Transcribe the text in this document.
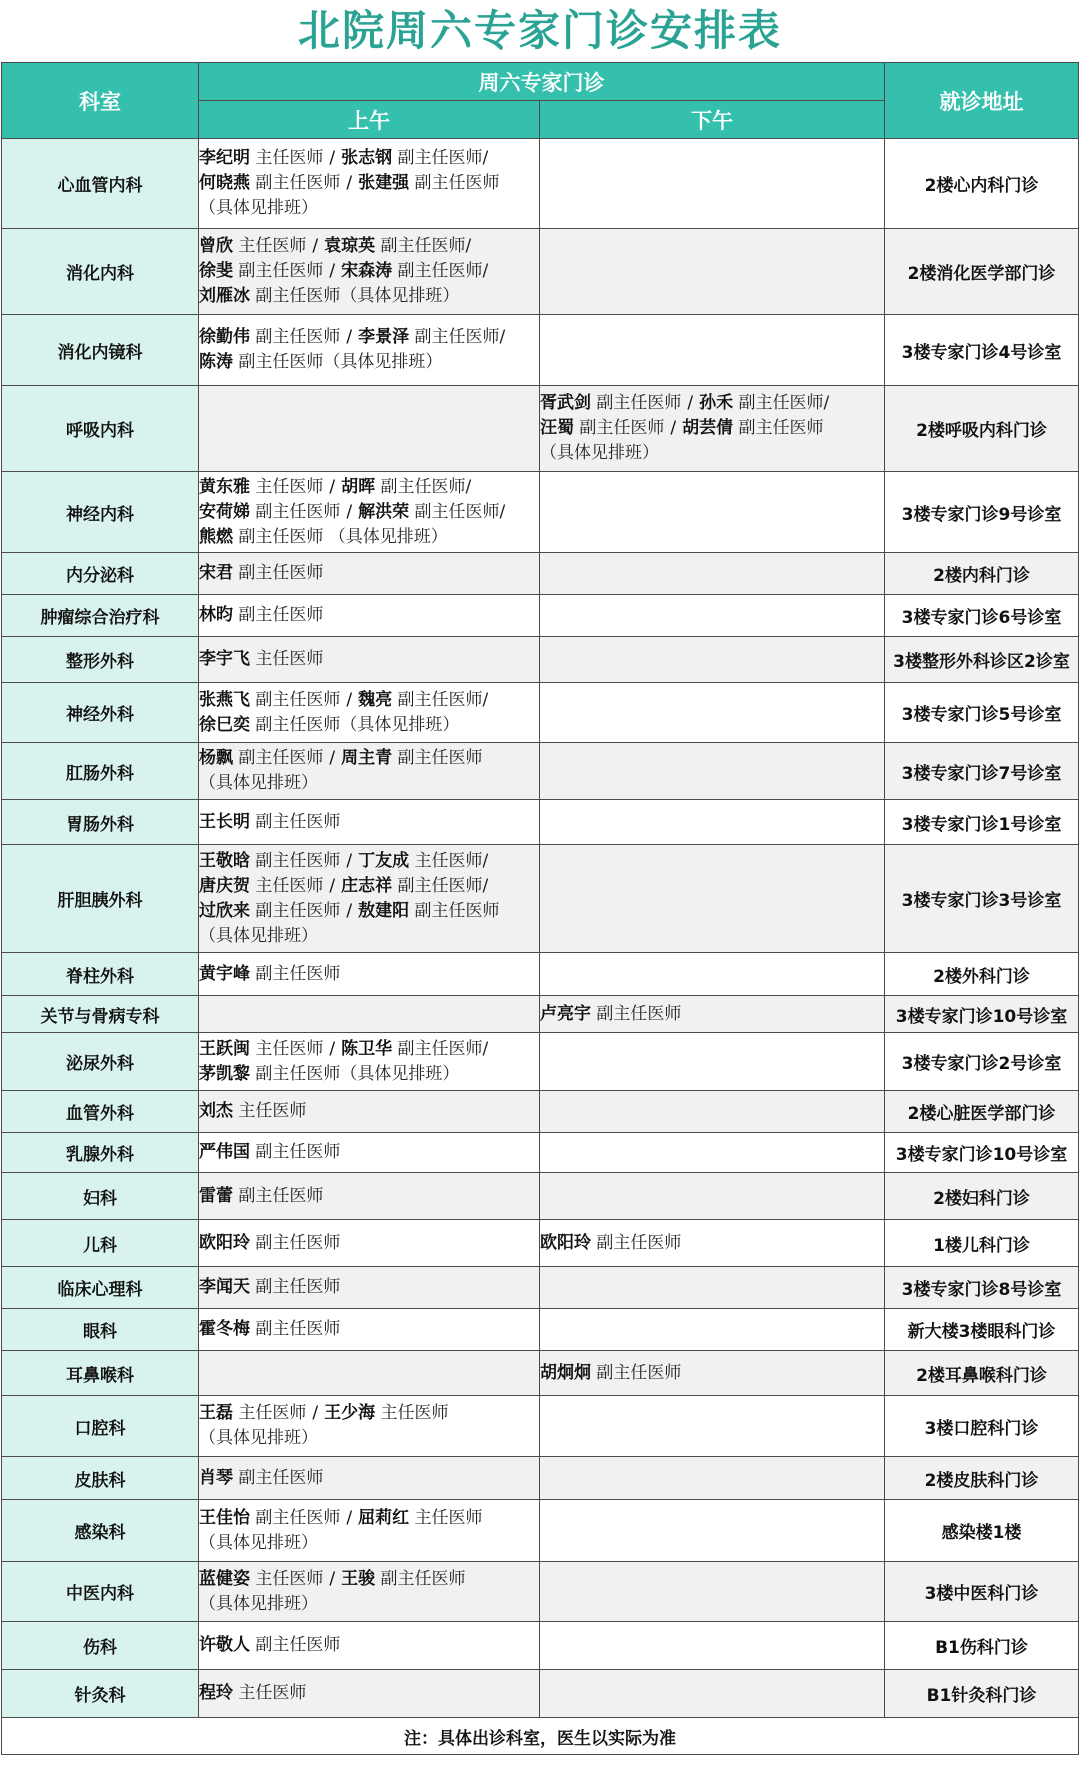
北院周六专家门诊安排表
科室	周六专家门诊		就诊地址
	上午	下午	
心血管内科	李纪明 主任医师 / 张志钢 副主任医师/
何晓燕 副主任医师 / 张建强 副主任医师
（具体见排班）		2楼心内科门诊
消化内科	曾欣 主任医师 / 袁琼英 副主任医师/
徐斐 副主任医师 / 宋森涛 副主任医师/
刘雁冰 副主任医师（具体见排班）		2楼消化医学部门诊
消化内镜科	徐勤伟 副主任医师 / 李景泽 副主任医师/
陈涛 副主任医师（具体见排班）		3楼专家门诊4号诊室
呼吸内科		胥武剑 副主任医师 / 孙禾 副主任医师/
汪蜀 副主任医师 / 胡芸倩 副主任医师
（具体见排班）	2楼呼吸内科门诊
神经内科	黄东雅 主任医师 / 胡晖 副主任医师/
安荷娣 副主任医师 / 解洪荣 副主任医师/
熊燃 副主任医师 （具体见排班）		3楼专家门诊9号诊室
内分泌科	宋君 副主任医师		2楼内科门诊
肿瘤综合治疗科	林昀 副主任医师		3楼专家门诊6号诊室
整形外科	李宇飞 主任医师		3楼整形外科诊区2诊室
神经外科	张燕飞 副主任医师 / 魏亮 副主任医师/
徐巳奕 副主任医师（具体见排班）		3楼专家门诊5号诊室
肛肠外科	杨飘 副主任医师 / 周主青 副主任医师
（具体见排班）		3楼专家门诊7号诊室
胃肠外科	王长明 副主任医师		3楼专家门诊1号诊室
肝胆胰外科	王敬晗 副主任医师 / 丁友成 主任医师/
唐庆贺 主任医师 / 庄志祥 副主任医师/
过欣来 副主任医师 / 敖建阳 副主任医师
（具体见排班）		3楼专家门诊3号诊室
脊柱外科	黄宇峰 副主任医师		2楼外科门诊
关节与骨病专科		卢亮宇 副主任医师	3楼专家门诊10号诊室
泌尿外科	王跃闽 主任医师 / 陈卫华 副主任医师/
茅凯黎 副主任医师（具体见排班）		3楼专家门诊2号诊室
血管外科	刘杰 主任医师		2楼心脏医学部门诊
乳腺外科	严伟国 副主任医师		3楼专家门诊10号诊室
妇科	雷蕾 副主任医师		2楼妇科门诊
儿科	欧阳玲 副主任医师	欧阳玲 副主任医师	1楼儿科门诊
临床心理科	李闻天 副主任医师		3楼专家门诊8号诊室
眼科	霍冬梅 副主任医师		新大楼3楼眼科门诊
耳鼻喉科		胡炯炯 副主任医师	2楼耳鼻喉科门诊
口腔科	王磊 主任医师 / 王少海 主任医师
（具体见排班）		3楼口腔科门诊
皮肤科	肖琴 副主任医师		2楼皮肤科门诊
感染科	王佳怡 副主任医师 / 屈莉红 主任医师
（具体见排班）		感染楼1楼
中医内科	蓝健姿 主任医师 / 王骏 副主任医师
（具体见排班）		3楼中医科门诊
伤科	许敬人 副主任医师		B1伤科门诊
针灸科	程玲 主任医师		B1针灸科门诊
注：具体出诊科室，医生以实际为准			
